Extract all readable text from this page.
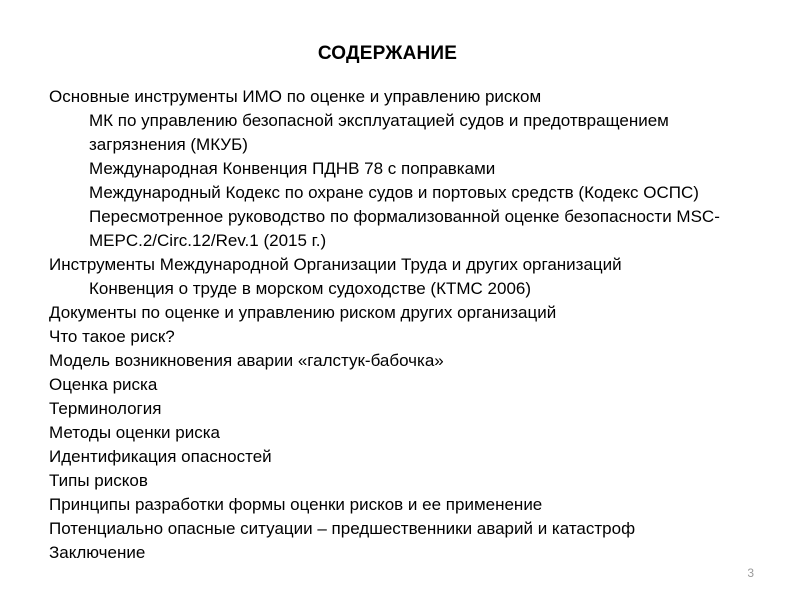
СОДЕРЖАНИЕ
Основные инструменты ИМО по оценке и управлению риском
МК по управлению безопасной эксплуатацией судов и предотвращением загрязнения (МКУБ)
Международная Конвенция ПДНВ 78 с поправками
Международный Кодекс по охране судов и портовых средств (Кодекс ОСПС)
Пересмотренное руководство по формализованной оценке безопасности MSC-MEPC.2/Circ.12/Rev.1 (2015 г.)
Инструменты Международной Организации Труда и других организаций
Конвенция о труде в морском судоходстве (КТМС 2006)
Документы по оценке и управлению риском других организаций
Что такое риск?
Модель возникновения аварии «галстук-бабочка»
Оценка риска
Терминология
Методы оценки риска
Идентификация опасностей
Типы рисков
Принципы разработки формы оценки рисков и ее применение
Потенциально опасные ситуации – предшественники аварий и катастроф
Заключение
3
